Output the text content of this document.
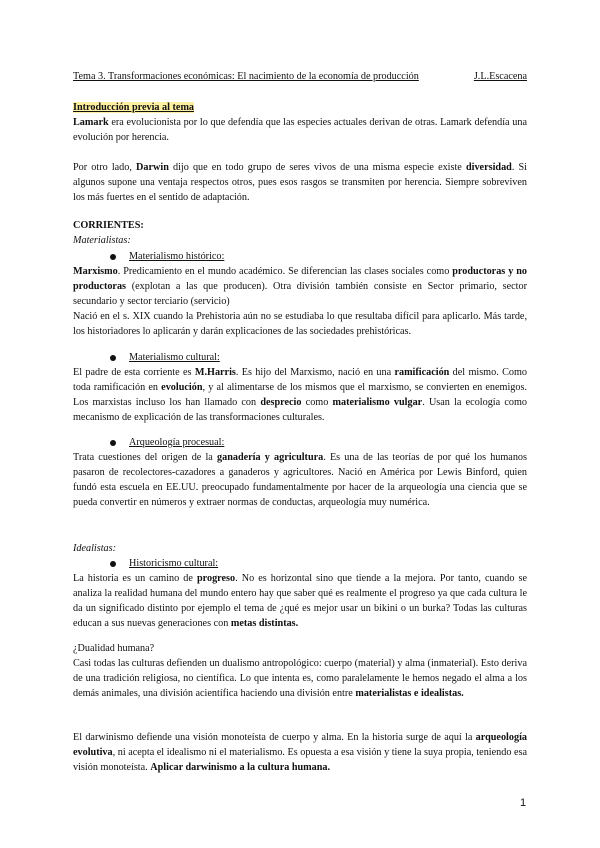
Tema 3. Transformaciones económicas: El nacimiento de la economía de producción	J.L.Escacena

Introducción previa al tema

Lamark era evolucionista por lo que defendía que las especies actuales derivan de otras. Lamark defendía una evolución por herencia.

Por otro lado, Darwin dijo que en todo grupo de seres vivos de una misma especie existe diversidad. Si algunos supone una ventaja respectos otros, pues esos rasgos se transmiten por herencia. Siempre sobreviven los más fuertes en el sentido de adaptación.

CORRIENTES:

Materialistas:

Materialismo histórico:

Marxismo. Predicamiento en el mundo académico. Se diferencian las clases sociales como productoras y no productoras (explotan a las que producen). Otra división también consiste en Sector primario, sector secundario y sector terciario (servicio)

Nació en el s. XIX cuando la Prehistoria aún no se estudiaba lo que resultaba difícil para aplicarlo. Más tarde, los historiadores lo aplicarán y darán explicaciones de las sociedades prehistóricas.

Materialismo cultural:

El padre de esta corriente es M.Harris. Es hijo del Marxismo, nació en una ramificación del mismo. Como toda ramificación en evolución, y al alimentarse de los mismos que el marxismo, se convierten en enemigos. Los marxistas incluso los han llamado con desprecio como materialismo vulgar. Usan la ecología como mecanismo de explicación de las transformaciones culturales.

Arqueología procesual:

Trata cuestiones del origen de la ganadería y agricultura. Es una de las teorías de por qué los humanos pasaron de recolectores-cazadores a ganaderos y agricultores. Nació en América por Lewis Binford, quien fundó esta escuela en EE.UU. preocupado fundamentalmente por hacer de la arqueología una ciencia que se pueda convertir en números y extraer normas de conductas, arqueología muy numérica.

Idealistas:

Historicismo cultural:

La historia es un camino de progreso. No es horizontal sino que tiende a la mejora. Por tanto, cuando se analiza la realidad humana del mundo entero hay que saber qué es realmente el progreso ya que cada cultura le da un significado distinto por ejemplo el tema de ¿qué es mejor usar un bikini o un burka? Todas las culturas educan a sus nuevas generaciones con metas distintas.

¿Dualidad humana?

Casi todas las culturas defienden un dualismo antropológico: cuerpo (material) y alma (inmaterial). Esto deriva de una tradición religiosa, no científica. Lo que intenta es, como paralelamente le hemos negado el alma a los demás animales, una división acientífica haciendo una división entre materialistas e idealistas.

El darwinismo defiende una visión monoteísta de cuerpo y alma. En la historia surge de aquí la arqueología evolutiva, ni acepta el idealismo ni el materialismo. Es opuesta a esa visión y tiene la suya propia, teniendo esa visión monoteísta. Aplicar darwinismo a la cultura humana.

1
